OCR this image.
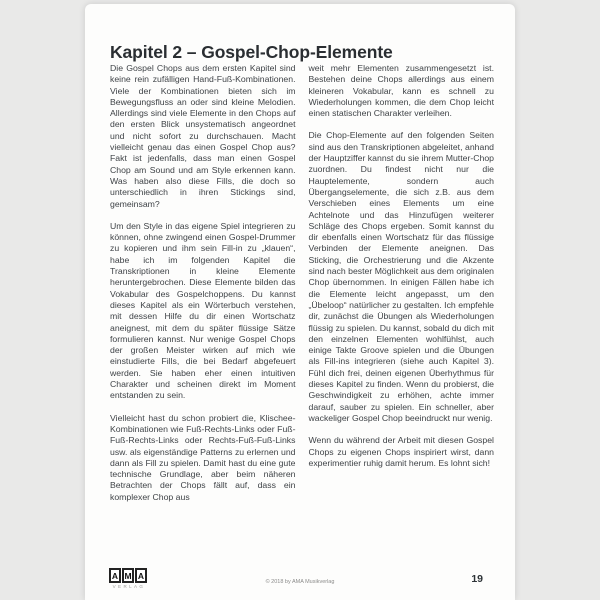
Kapitel 2 – Gospel-Chop-Elemente

Die Gospel Chops aus dem ersten Kapitel sind keine rein zufälligen Hand-Fuß-Kombinationen. Viele der Kombinationen bieten sich im Bewegungsfluss an oder sind kleine Melodien. Allerdings sind viele Elemente in den Chops auf den ersten Blick unsystematisch angeordnet und nicht sofort zu durchschauen. Macht vielleicht genau das einen Gospel Chop aus? Fakt ist jedenfalls, dass man einen Gospel Chop am Sound und am Style erkennen kann. Was haben also diese Fills, die doch so unterschiedlich in ihren Stickings sind, gemeinsam?

Um den Style in das eigene Spiel integrieren zu können, ohne zwingend einen Gospel-Drummer zu kopieren und ihm sein Fill-in zu „klauen“, habe ich im folgenden Kapitel die Transkriptionen in kleine Elemente heruntergebrochen. Diese Elemente bilden das Vokabular des Gospelchoppens. Du kannst dieses Kapitel als ein Wörterbuch verstehen, mit dessen Hilfe du dir einen Wortschatz aneignest, mit dem du später flüssige Sätze formulieren kannst. Nur wenige Gospel Chops der großen Meister wirken auf mich wie einstudierte Fills, die bei Bedarf abgefeuert werden. Sie haben eher einen intuitiven Charakter und scheinen direkt im Moment entstanden zu sein.

Vielleicht hast du schon probiert die, Klischee-Kombinationen wie Fuß-Rechts-Links oder Fuß-Fuß-Rechts-Links oder Rechts-Fuß-Fuß-Links usw. als eigenständige Patterns zu erlernen und dann als Fill zu spielen. Damit hast du eine gute technische Grundlage, aber beim näheren Betrachten der Chops fällt auf, dass ein komplexer Chop aus

weit mehr Elementen zusammengesetzt ist. Bestehen deine Chops allerdings aus einem kleineren Vokabular, kann es schnell zu Wiederholungen kommen, die dem Chop leicht einen statischen Charakter verleihen.

Die Chop-Elemente auf den folgenden Seiten sind aus den Transkriptionen abgeleitet, anhand der Hauptziffer kannst du sie ihrem Mutter-Chop zuordnen. Du findest nicht nur die Hauptelemente, sondern auch Übergangselemente, die sich z.B. aus dem Verschieben eines Elements um eine Achtelnote und das Hinzufügen weiterer Schläge des Chops ergeben. Somit kannst du dir ebenfalls einen Wortschatz für das flüssige Verbinden der Elemente aneignen. Das Sticking, die Orchestrierung und die Akzente sind nach bester Möglichkeit aus dem originalen Chop übernommen. In einigen Fällen habe ich die Elemente leicht angepasst, um den „Übeloop“ natürlicher zu gestalten. Ich empfehle dir, zunächst die Übungen als Wiederholungen flüssig zu spielen. Du kannst, sobald du dich mit den einzelnen Elementen wohlfühlst, auch einige Takte Groove spielen und die Übungen als Fill-ins integrieren (siehe auch Kapitel 3). Fühl dich frei, deinen eigenen Überhythmus für dieses Kapitel zu finden. Wenn du probierst, die Geschwindigkeit zu erhöhen, achte immer darauf, sauber zu spielen. Ein schneller, aber wackeliger Gospel Chop beeindruckt nur wenig.

Wenn du während der Arbeit mit diesen Gospel Chops zu eigenen Chops inspiriert wirst, dann experimentier ruhig damit herum. Es lohnt sich!

A M A
VERLAG
© 2018 by AMA Musikverlag	19
